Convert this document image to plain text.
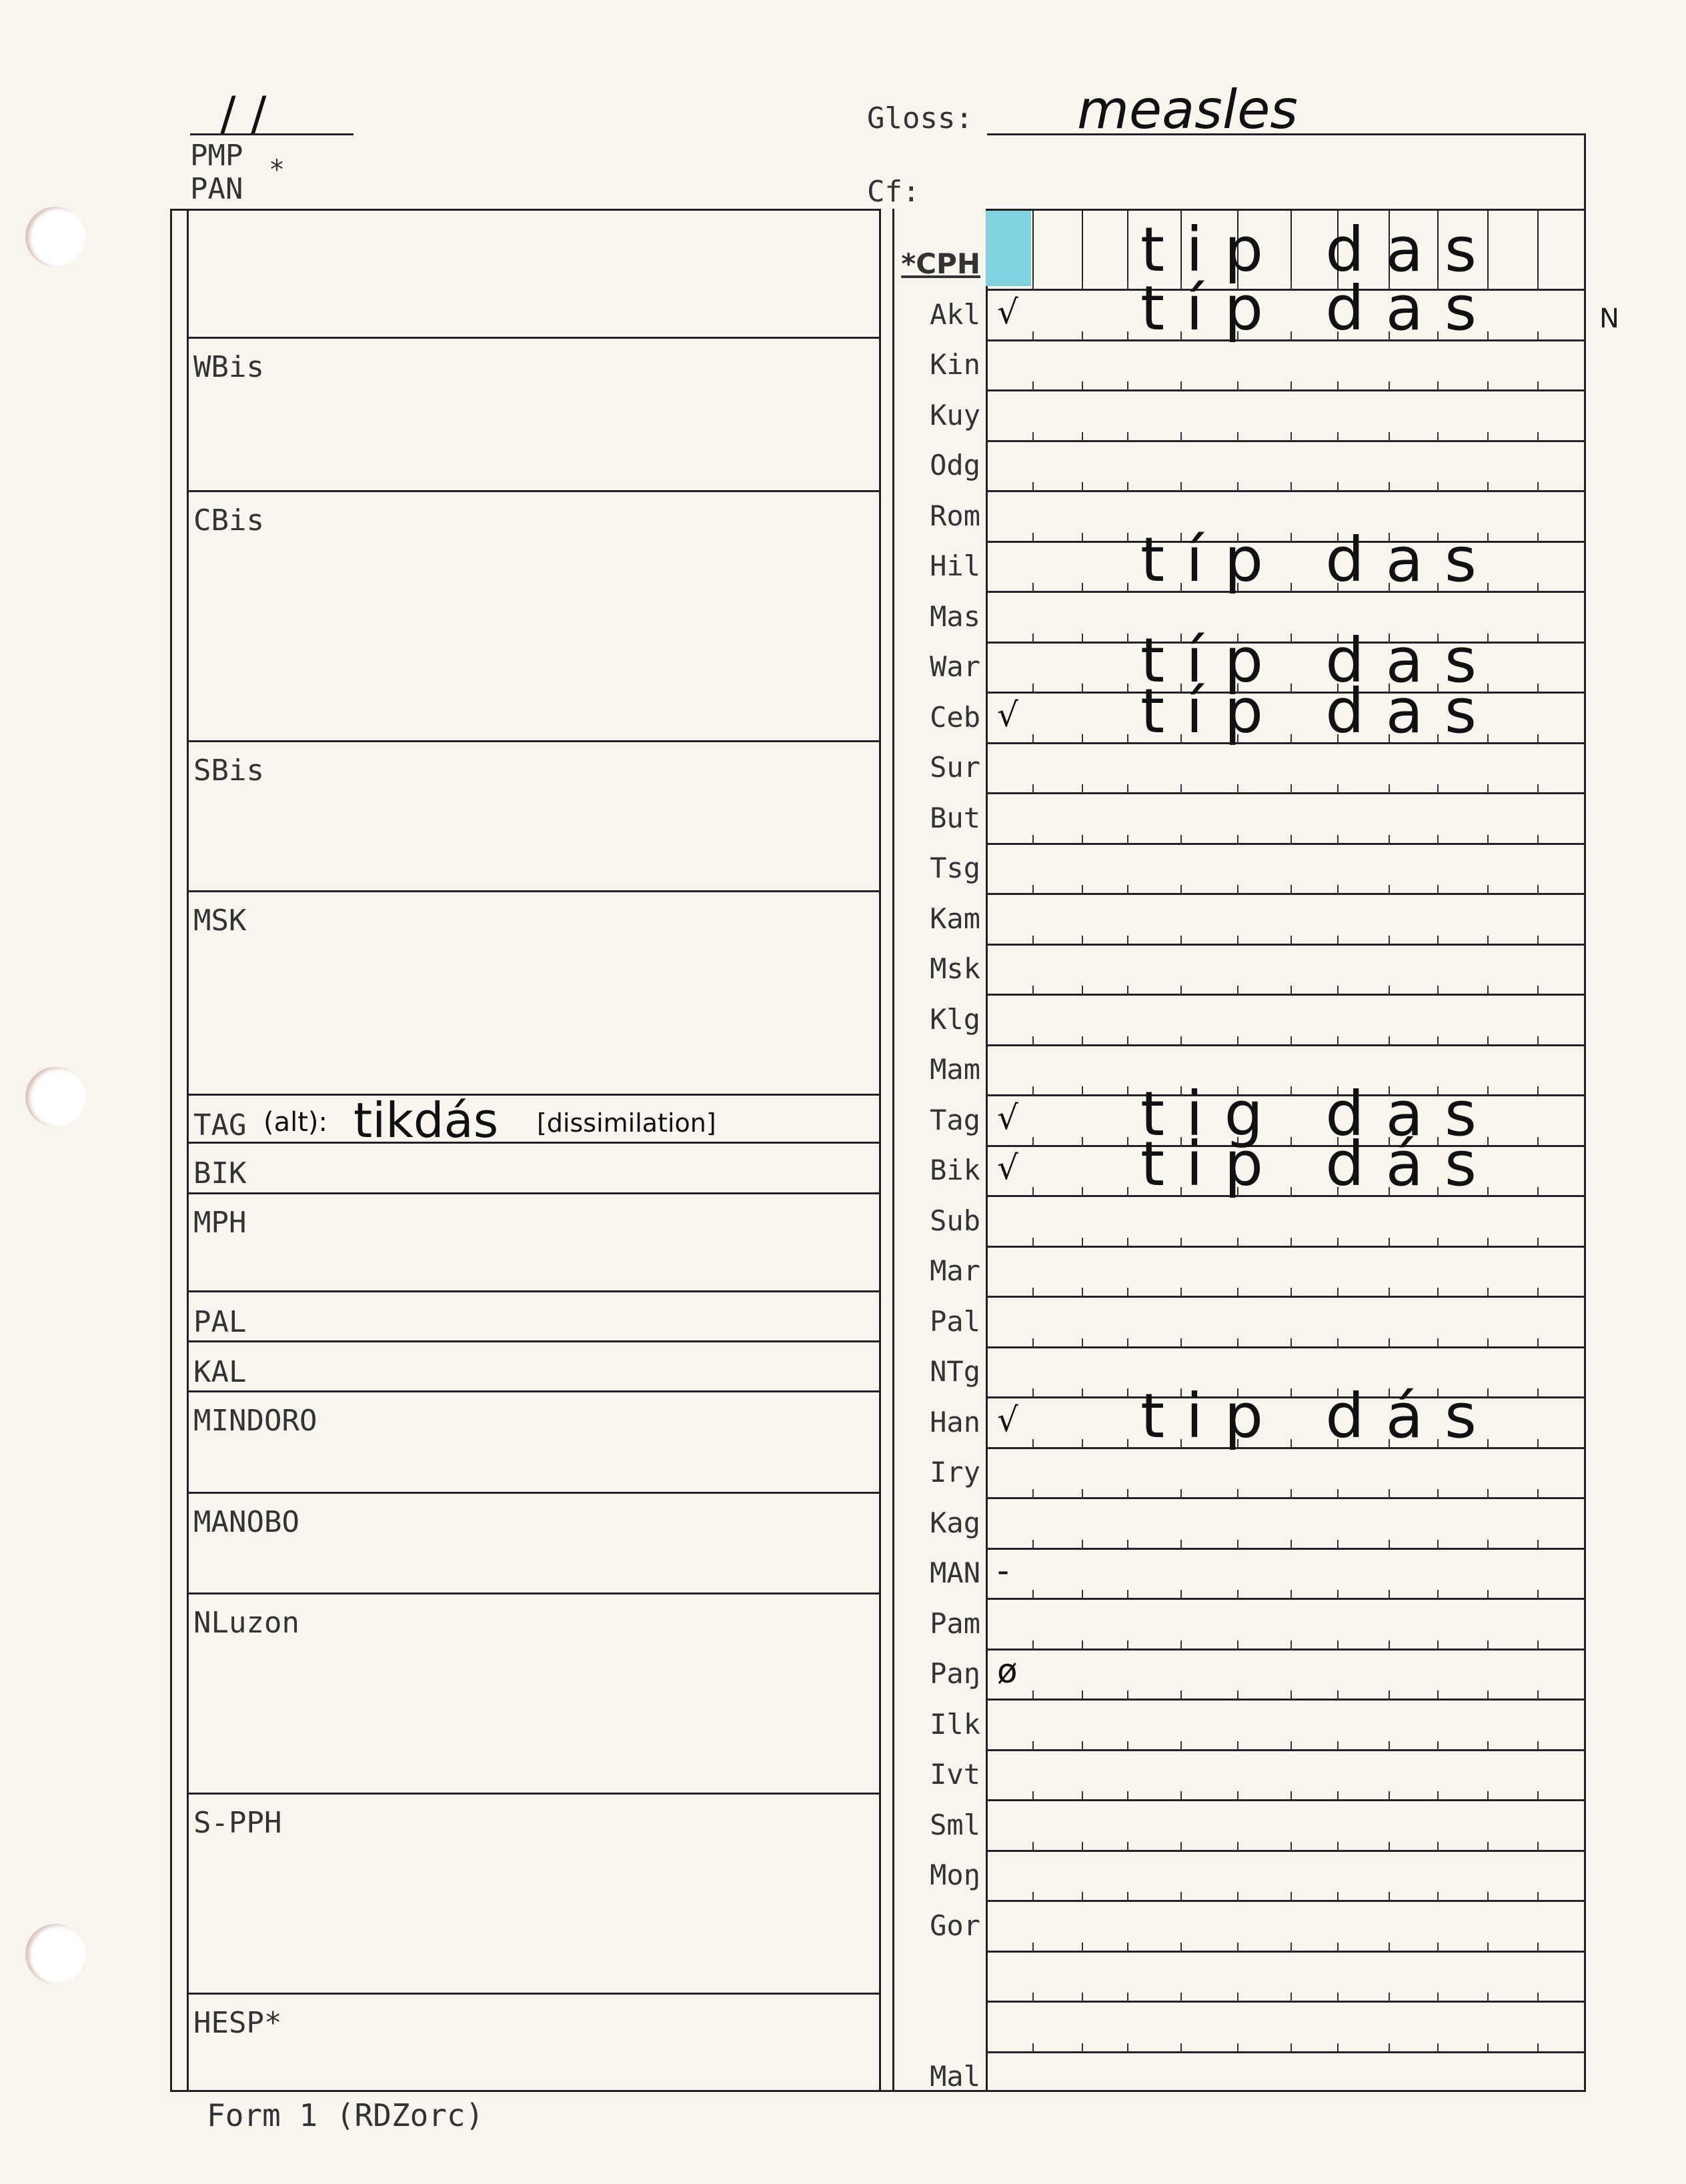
/ /
PMP *
PAN
Gloss: measles
Cf:
WBis
CBis
SBis
MSK
TAG
BIK
MPH
PAL
KAL
MINDORO
MANOBO
NLuzon
S-PPH
HESP*
(alt): tikdás [dissimilation]
*CPH	tip das
Akl √ típ das
Kin
Kuy
Odg
Rom
Hil	típ das
Mas
War	típ das
Ceb √ típ das
Sur
But
Tsg
Kam
Msk
Klg
Mam
Tag √ tig das
Bik √ tip dás
Sub
Mar
Pal
NTg
Han √ tip dás
Iry
Kag
MAN -
Pam
Paŋ ø
Ilk
Ivt
Sml
Moŋ
Gor
Mal
N
Form 1 (RDZorc)
